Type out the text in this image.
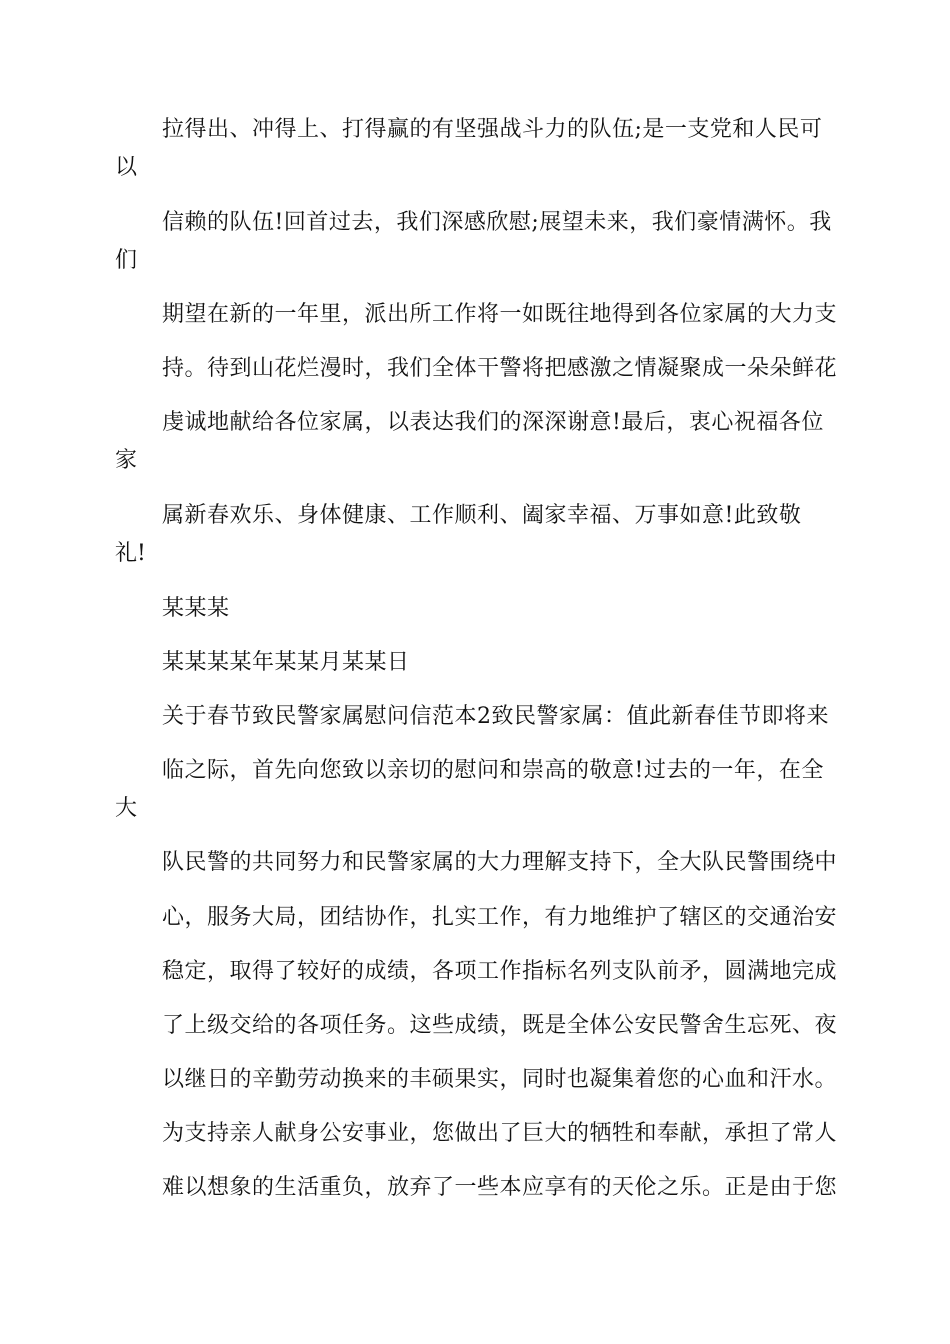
拉得出、冲得上、打得赢的有坚强战斗力的队伍;是一支党和人民可
以
信赖的队伍!回首过去，我们深感欣慰;展望未来，我们豪情满怀。我
们
期望在新的一年里，派出所工作将一如既往地得到各位家属的大力支
持。待到山花烂漫时，我们全体干警将把感激之情凝聚成一朵朵鲜花
虔诚地献给各位家属，以表达我们的深深谢意!最后，衷心祝福各位
家
属新春欢乐、身体健康、工作顺利、阖家幸福、万事如意!此致敬
礼!
某某某
某某某某年某某月某某日
关于春节致民警家属慰问信范本2致民警家属：值此新春佳节即将来
临之际，首先向您致以亲切的慰问和崇高的敬意!过去的一年，在全
大
队民警的共同努力和民警家属的大力理解支持下，全大队民警围绕中
心，服务大局，团结协作，扎实工作，有力地维护了辖区的交通治安
稳定，取得了较好的成绩，各项工作指标名列支队前矛，圆满地完成
了上级交给的各项任务。这些成绩，既是全体公安民警舍生忘死、夜
以继日的辛勤劳动换来的丰硕果实，同时也凝集着您的心血和汗水。
为支持亲人献身公安事业，您做出了巨大的牺牲和奉献，承担了常人
难以想象的生活重负，放弃了一些本应享有的天伦之乐。正是由于您
